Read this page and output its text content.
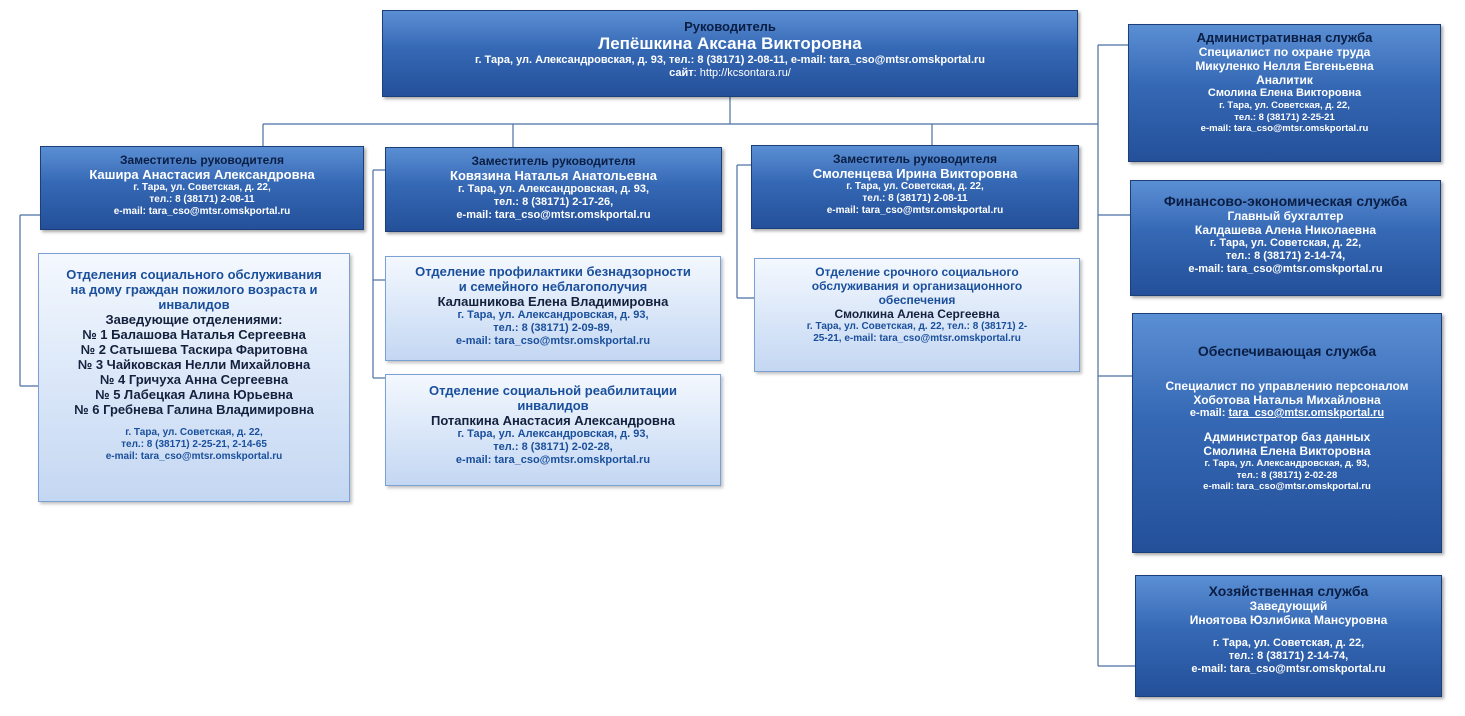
Руководитель
Лепёшкина Аксана Викторовна
г. Тара, ул. Александровская, д. 93, тел.: 8 (38171) 2-08-11, e-mail: tara_cso@mtsr.omskportal.ru
сайт: http://kcsontara.ru/
Заместитель руководителя
Кашира Анастасия Александровна
г. Тара, ул. Советская, д. 22,
тел.: 8 (38171) 2-08-11
e-mail: tara_cso@mtsr.omskportal.ru
Заместитель руководителя
Ковязина Наталья Анатольевна
г. Тара, ул. Александровская, д. 93,
тел.: 8 (38171) 2-17-26,
e-mail: tara_cso@mtsr.omskportal.ru
Заместитель руководителя
Смоленцева Ирина Викторовна
г. Тара, ул. Советская, д. 22,
тел.: 8 (38171) 2-08-11
e-mail: tara_cso@mtsr.omskportal.ru
Отделения социального обслуживания
на дому граждан пожилого возраста и
инвалидов
Заведующие отделениями:
№ 1 Балашова Наталья Сергеевна
№ 2 Сатышева Таскира Фаритовна
№ 3 Чайковская Нелли Михайловна
№ 4 Гричуха Анна Сергеевна
№ 5 Лабецкая Алина Юрьевна
№ 6 Гребнева Галина Владимировна
г. Тара, ул. Советская, д. 22,
тел.: 8 (38171) 2-25-21, 2-14-65
e-mail: tara_cso@mtsr.omskportal.ru
Отделение профилактики безнадзорности
и семейного неблагополучия
Калашникова Елена Владимировна
г. Тара, ул. Александровская, д. 93,
тел.: 8 (38171) 2-09-89,
e-mail: tara_cso@mtsr.omskportal.ru
Отделение социальной реабилитации
инвалидов
Потапкина Анастасия Александровна
г. Тара, ул. Александровская, д. 93,
тел.: 8 (38171) 2-02-28,
e-mail: tara_cso@mtsr.omskportal.ru
Отделение срочного социального
обслуживания и организационного
обеспечения
Смолкина Алена Сергеевна
г. Тара, ул. Советская, д. 22, тел.: 8 (38171) 2-
25-21, e-mail: tara_cso@mtsr.omskportal.ru
Административная служба
Специалист по охране труда
Микуленко Нелля Евгеньевна
Аналитик
Смолина Елена Викторовна
г. Тара, ул. Советская, д. 22,
тел.: 8 (38171) 2-25-21
e-mail: tara_cso@mtsr.omskportal.ru
Финансово-экономическая служба
Главный бухгалтер
Калдашева Алена Николаевна
г. Тара, ул. Советская, д. 22,
тел.: 8 (38171) 2-14-74,
e-mail: tara_cso@mtsr.omskportal.ru
Обеспечивающая служба
Специалист по управлению персоналом
Хоботова Наталья Михайловна
e-mail: tara_cso@mtsr.omskportal.ru
Администратор баз данных
Смолина Елена Викторовна
г. Тара, ул. Александровская, д. 93,
тел.: 8 (38171) 2-02-28
e-mail: tara_cso@mtsr.omskportal.ru
Хозяйственная служба
Заведующий
Иноятова Юзлибика Мансуровна
г. Тара, ул. Советская, д. 22,
тел.: 8 (38171) 2-14-74,
e-mail: tara_cso@mtsr.omskportal.ru
